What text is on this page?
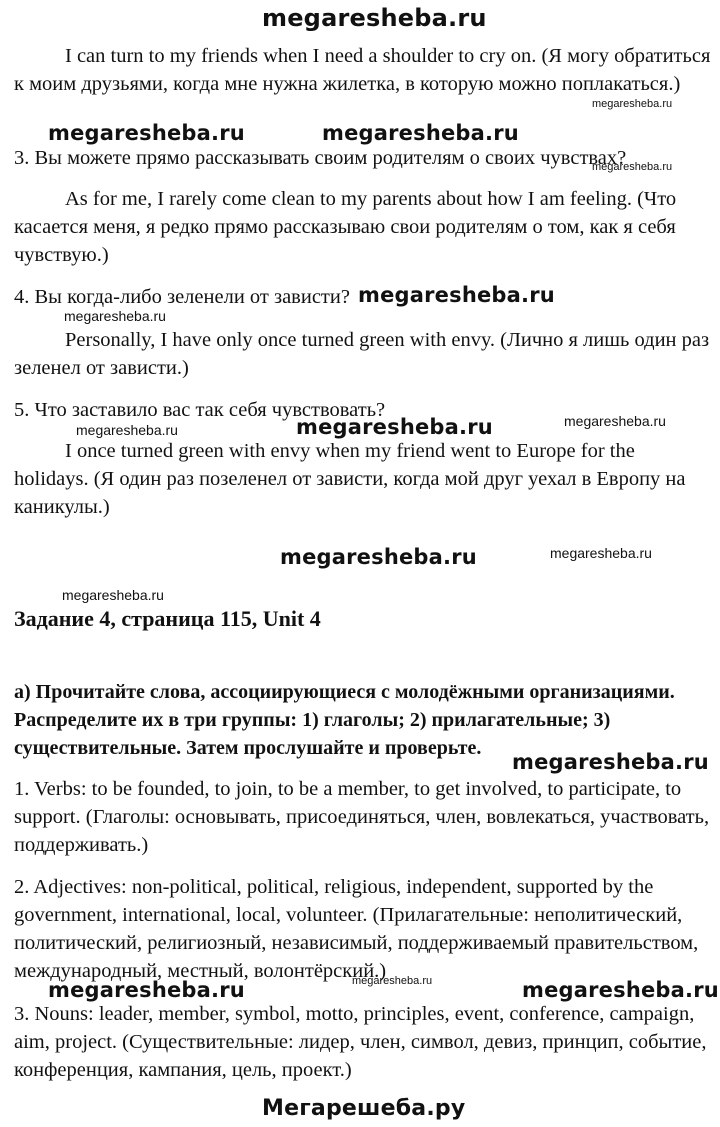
megaresheba.ru

I can turn to my friends when I need a shoulder to cry on. (Я могу обратиться к моим друзьями, когда мне нужна жилетка, в которую можно поплакаться.)

megaresheba.ru
megaresheba.ru	megaresheba.ru

3. Вы можете прямо рассказывать своим родителям о своих чувствах?

megaresheba.ru

As for me, I rarely come clean to my parents about how I am feeling. (Что касается меня, я редко прямо рассказываю свои родителям о том, как я себя чувствую.)

4. Вы когда-либо зеленели от зависти? megaresheba.ru
megaresheba.ru

Personally, I have only once turned green with envy. (Лично я лишь один раз зеленел от зависти.)

5. Что заставило вас так себя чувствовать?	megaresheba.ru
megaresheba.ru
megaresheba.ru

I once turned green with envy when my friend went to Europe for the holidays. (Я один раз позеленел от зависти, когда мой друг уехал в Европу на каникулы.)

megaresheba.ru	megaresheba.ru
megaresheba.ru
Задание 4, страница 115, Unit 4

a) Прочитайте слова, ассоциирующиеся с молодёжными организациями. Распределите их в три группы: 1) глаголы; 2) прилагательные; 3) существительные. Затем прослушайте и проверьте.

megaresheba.ru

1. Verbs: to be founded, to join, to be a member, to get involved, to participate, to support. (Глаголы: основывать, присоединяться, член, вовлекаться, участвовать, поддерживать.)

2. Adjectives: non-political, political, religious, independent, supported by the government, international, local, volunteer. (Прилагательные: неполитический, политический, религиозный, независимый, поддерживаемый правительством, международный, местный, волонтёрский.)

megaresheba.ru
megaresheba.ru	megaresheba.ru

3. Nouns: leader, member, symbol, motto, principles, event, conference, campaign, aim, project. (Существительные: лидер, член, символ, девиз, принцип, событие, конференция, кампания, цель, проект.)

Мегарешеба.ру
